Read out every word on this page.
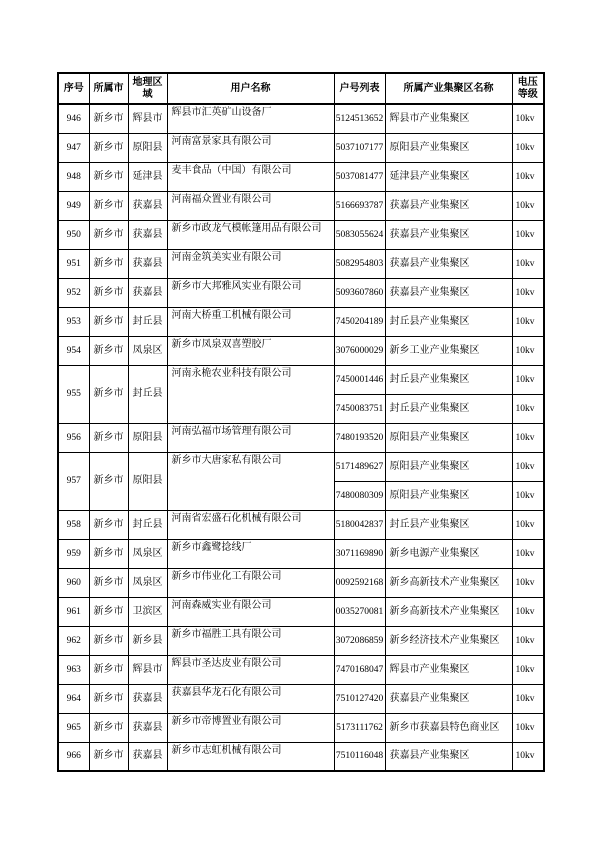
序号	所属市	地理区域	用户名称	户号列表	所属产业集聚区名称	电压等级
946	新乡市	辉县市	辉县市汇英矿山设备厂	5124513652	辉县市产业集聚区	10kv
947	新乡市	原阳县	河南富景家具有限公司	5037107177	原阳县产业集聚区	10kv
948	新乡市	延津县	麦丰食品（中国）有限公司	5037081477	延津县产业集聚区	10kv
949	新乡市	获嘉县	河南福众置业有限公司	5166693787	获嘉县产业集聚区	10kv
950	新乡市	获嘉县	新乡市政龙气模帐篷用品有限公司	5083055624	获嘉县产业集聚区	10kv
951	新乡市	获嘉县	河南金筑美实业有限公司	5082954803	获嘉县产业集聚区	10kv
952	新乡市	获嘉县	新乡市大邦雅风实业有限公司	5093607860	获嘉县产业集聚区	10kv
953	新乡市	封丘县	河南大桥重工机械有限公司	7450204189	封丘县产业集聚区	10kv
954	新乡市	凤泉区	新乡市凤泉双喜塑胶厂	3076000029	新乡工业产业集聚区	10kv
955	新乡市	封丘县	河南永桅农业科技有限公司	7450001446	封丘县产业集聚区	10kv
				7450083751	封丘县产业集聚区	10kv
956	新乡市	原阳县	河南弘福市场管理有限公司	7480193520	原阳县产业集聚区	10kv
957	新乡市	原阳县	新乡市大唐家私有限公司	5171489627	原阳县产业集聚区	10kv
				7480080309	原阳县产业集聚区	10kv
958	新乡市	封丘县	河南省宏盛石化机械有限公司	5180042837	封丘县产业集聚区	10kv
959	新乡市	凤泉区	新乡市鑫鹭捻线厂	3071169890	新乡电源产业集聚区	10kv
960	新乡市	凤泉区	新乡市伟业化工有限公司	0092592168	新乡高新技术产业集聚区	10kv
961	新乡市	卫滨区	河南森威实业有限公司	0035270081	新乡高新技术产业集聚区	10kv
962	新乡市	新乡县	新乡市福胜工具有限公司	3072086859	新乡经济技术产业集聚区	10kv
963	新乡市	辉县市	辉县市圣达皮业有限公司	7470168047	辉县市产业集聚区	10kv
964	新乡市	获嘉县	获嘉县华龙石化有限公司	7510127420	获嘉县产业集聚区	10kv
965	新乡市	获嘉县	新乡市帝博置业有限公司	5173111762	新乡市获嘉县特色商业区	10kv
966	新乡市	获嘉县	新乡市志虹机械有限公司	7510116048	获嘉县产业集聚区	10kv
